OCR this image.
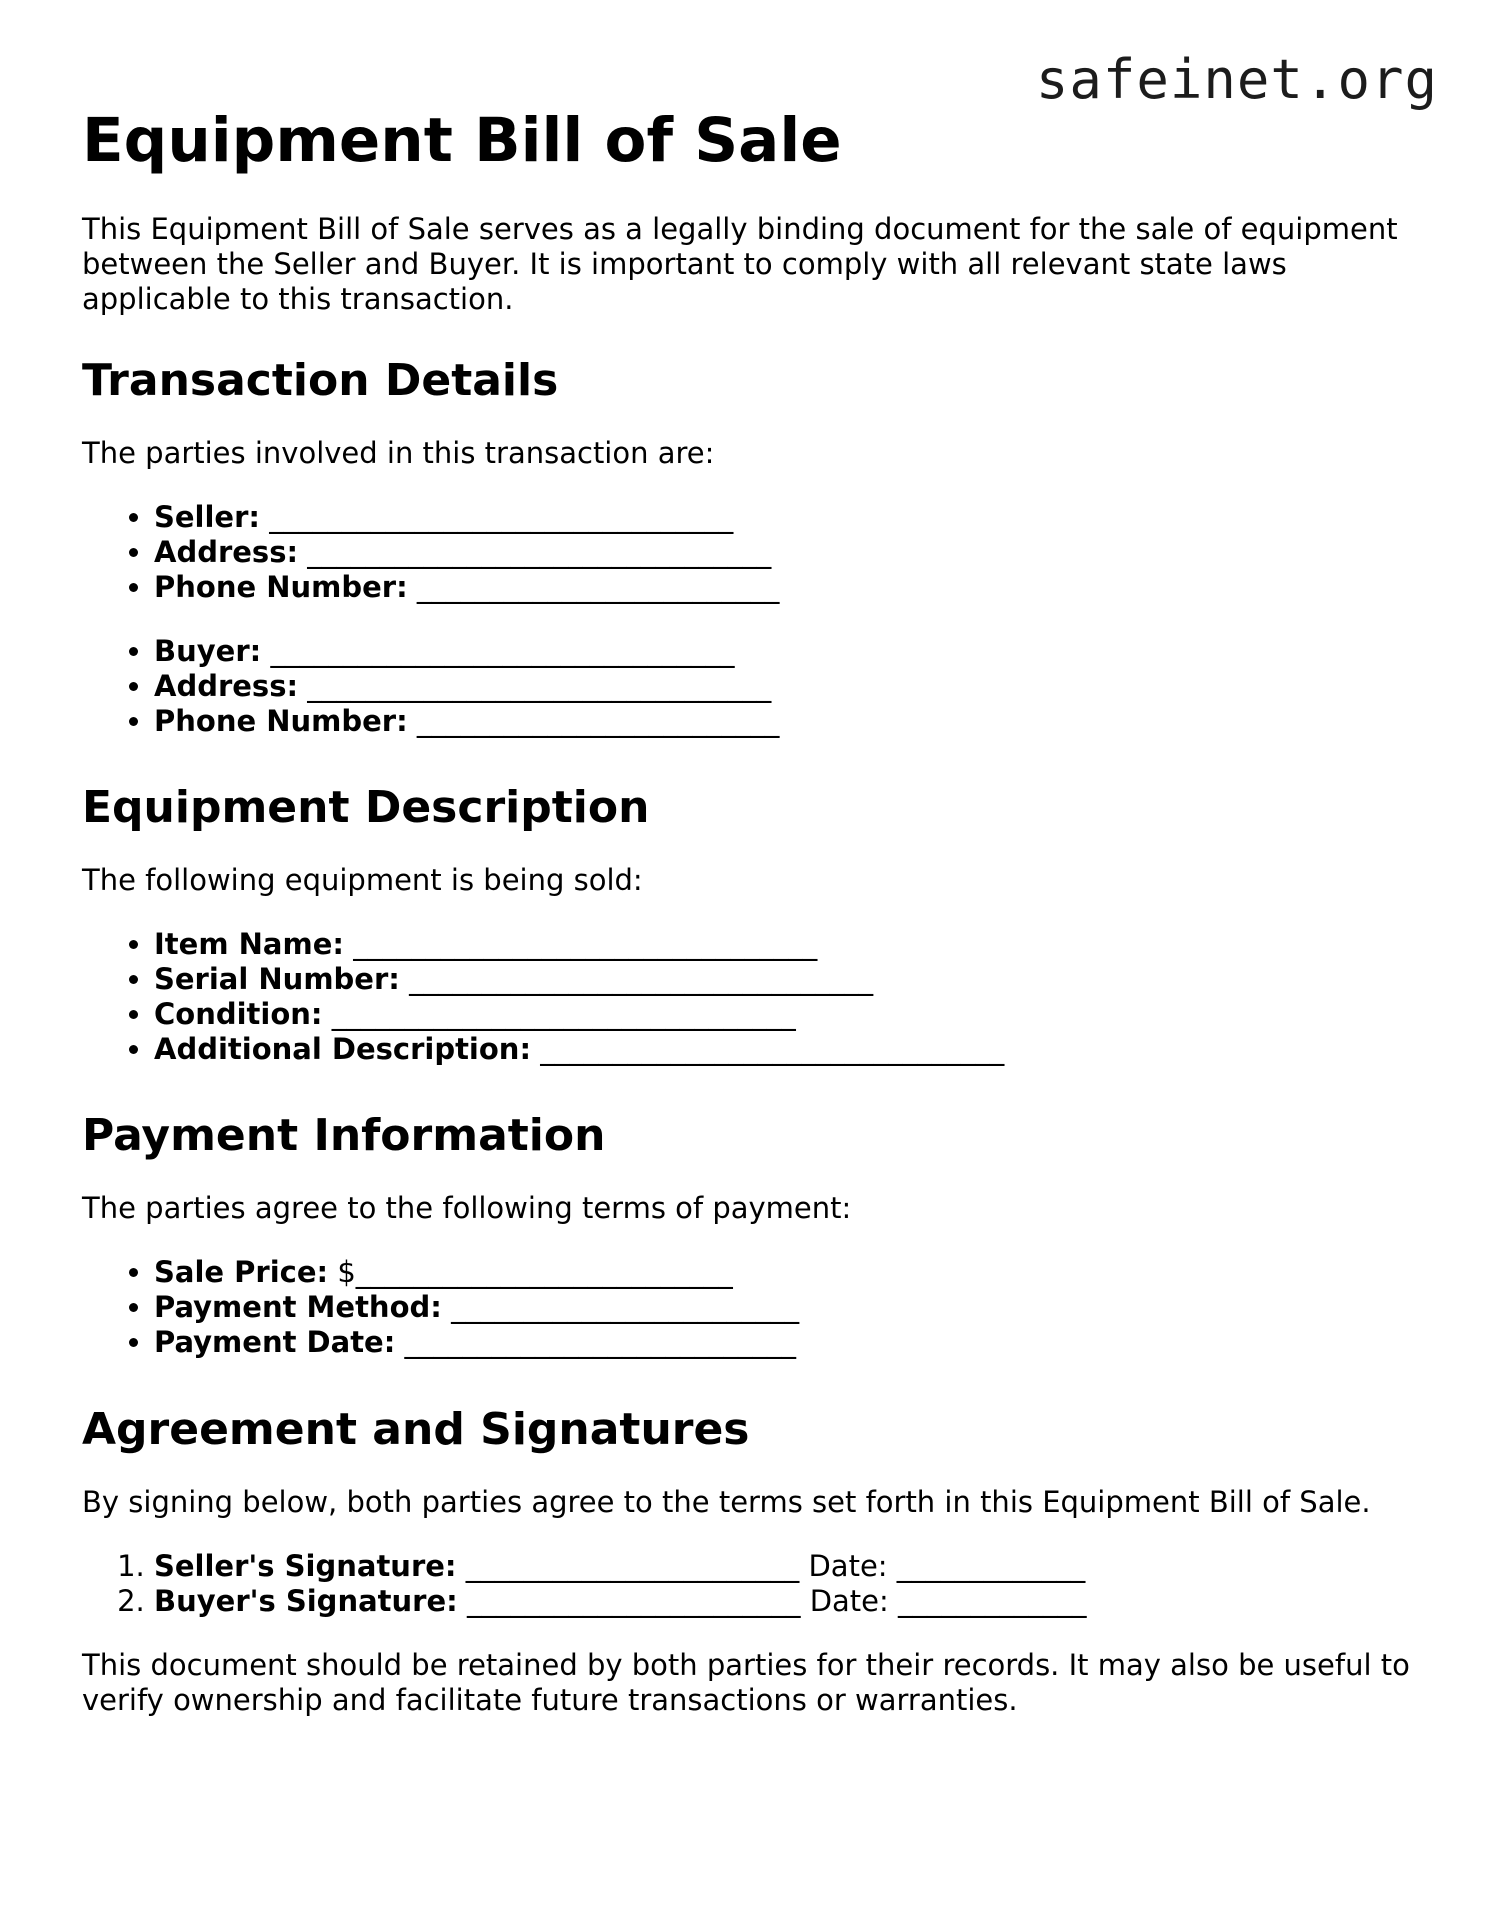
safeinet.org
Equipment Bill of Sale

This Equipment Bill of Sale serves as a legally binding document for the sale of equipment between the Seller and Buyer. It is important to comply with all relevant state laws applicable to this transaction.

Transaction Details

The parties involved in this transaction are:

• Seller: ________________________________
• Address: ________________________________
• Phone Number: _________________________
• Buyer: ________________________________
• Address: ________________________________
• Phone Number: _________________________
Equipment Description

The following equipment is being sold:

• Item Name: ________________________________
• Serial Number: ________________________________
• Condition: ________________________________
• Additional Description: ________________________________
Payment Information

The parties agree to the following terms of payment:

• Sale Price: $__________________________
• Payment Method: ________________________
• Payment Date: ___________________________
Agreement and Signatures

By signing below, both parties agree to the terms set forth in this Equipment Bill of Sale.

1. Seller's Signature: _______________________ Date: _____________
2. Buyer's Signature: _______________________ Date: _____________

This document should be retained by both parties for their records. It may also be useful to verify ownership and facilitate future transactions or warranties.
